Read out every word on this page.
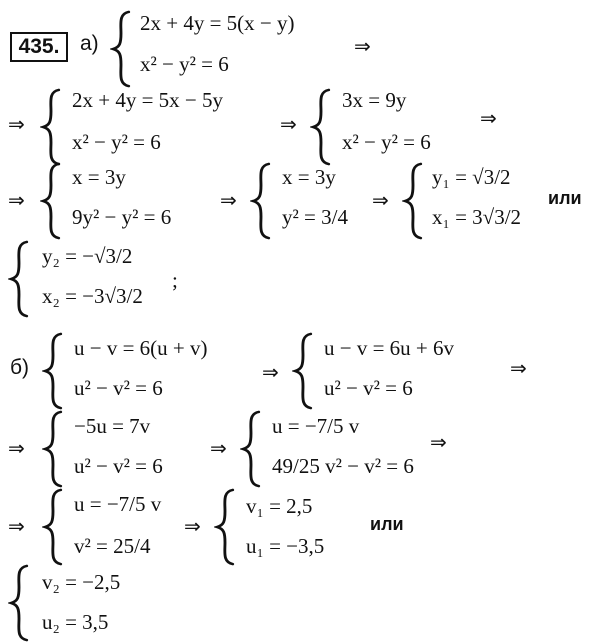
435. а)
2x + 4y = 5(x − y)
x² − y² = 6
⇒
⇒
2x + 4y = 5x − 5y
x² − y² = 6
⇒
3x = 9y
x² − y² = 6
⇒
⇒
x = 3y
9y² − y² = 6
⇒
x = 3y
y² = 3/4
⇒
y₁ = √3/2
x₁ = 3√3/2
или
y₂ = −√3/2
x₂ = −3√3/2
;
б)
u − v = 6(u + v)
u² − v² = 6
⇒
u − v = 6u + 6v
u² − v² = 6
⇒
⇒
−5u = 7v
u² − v² = 6
⇒
u = −7/5 v
49/25 v² − v² = 6
⇒
⇒
u = −7/5 v
v² = 25/4
⇒
v₁ = 2,5
u₁ = −3,5
или
v₂ = −2,5
u₂ = 3,5
